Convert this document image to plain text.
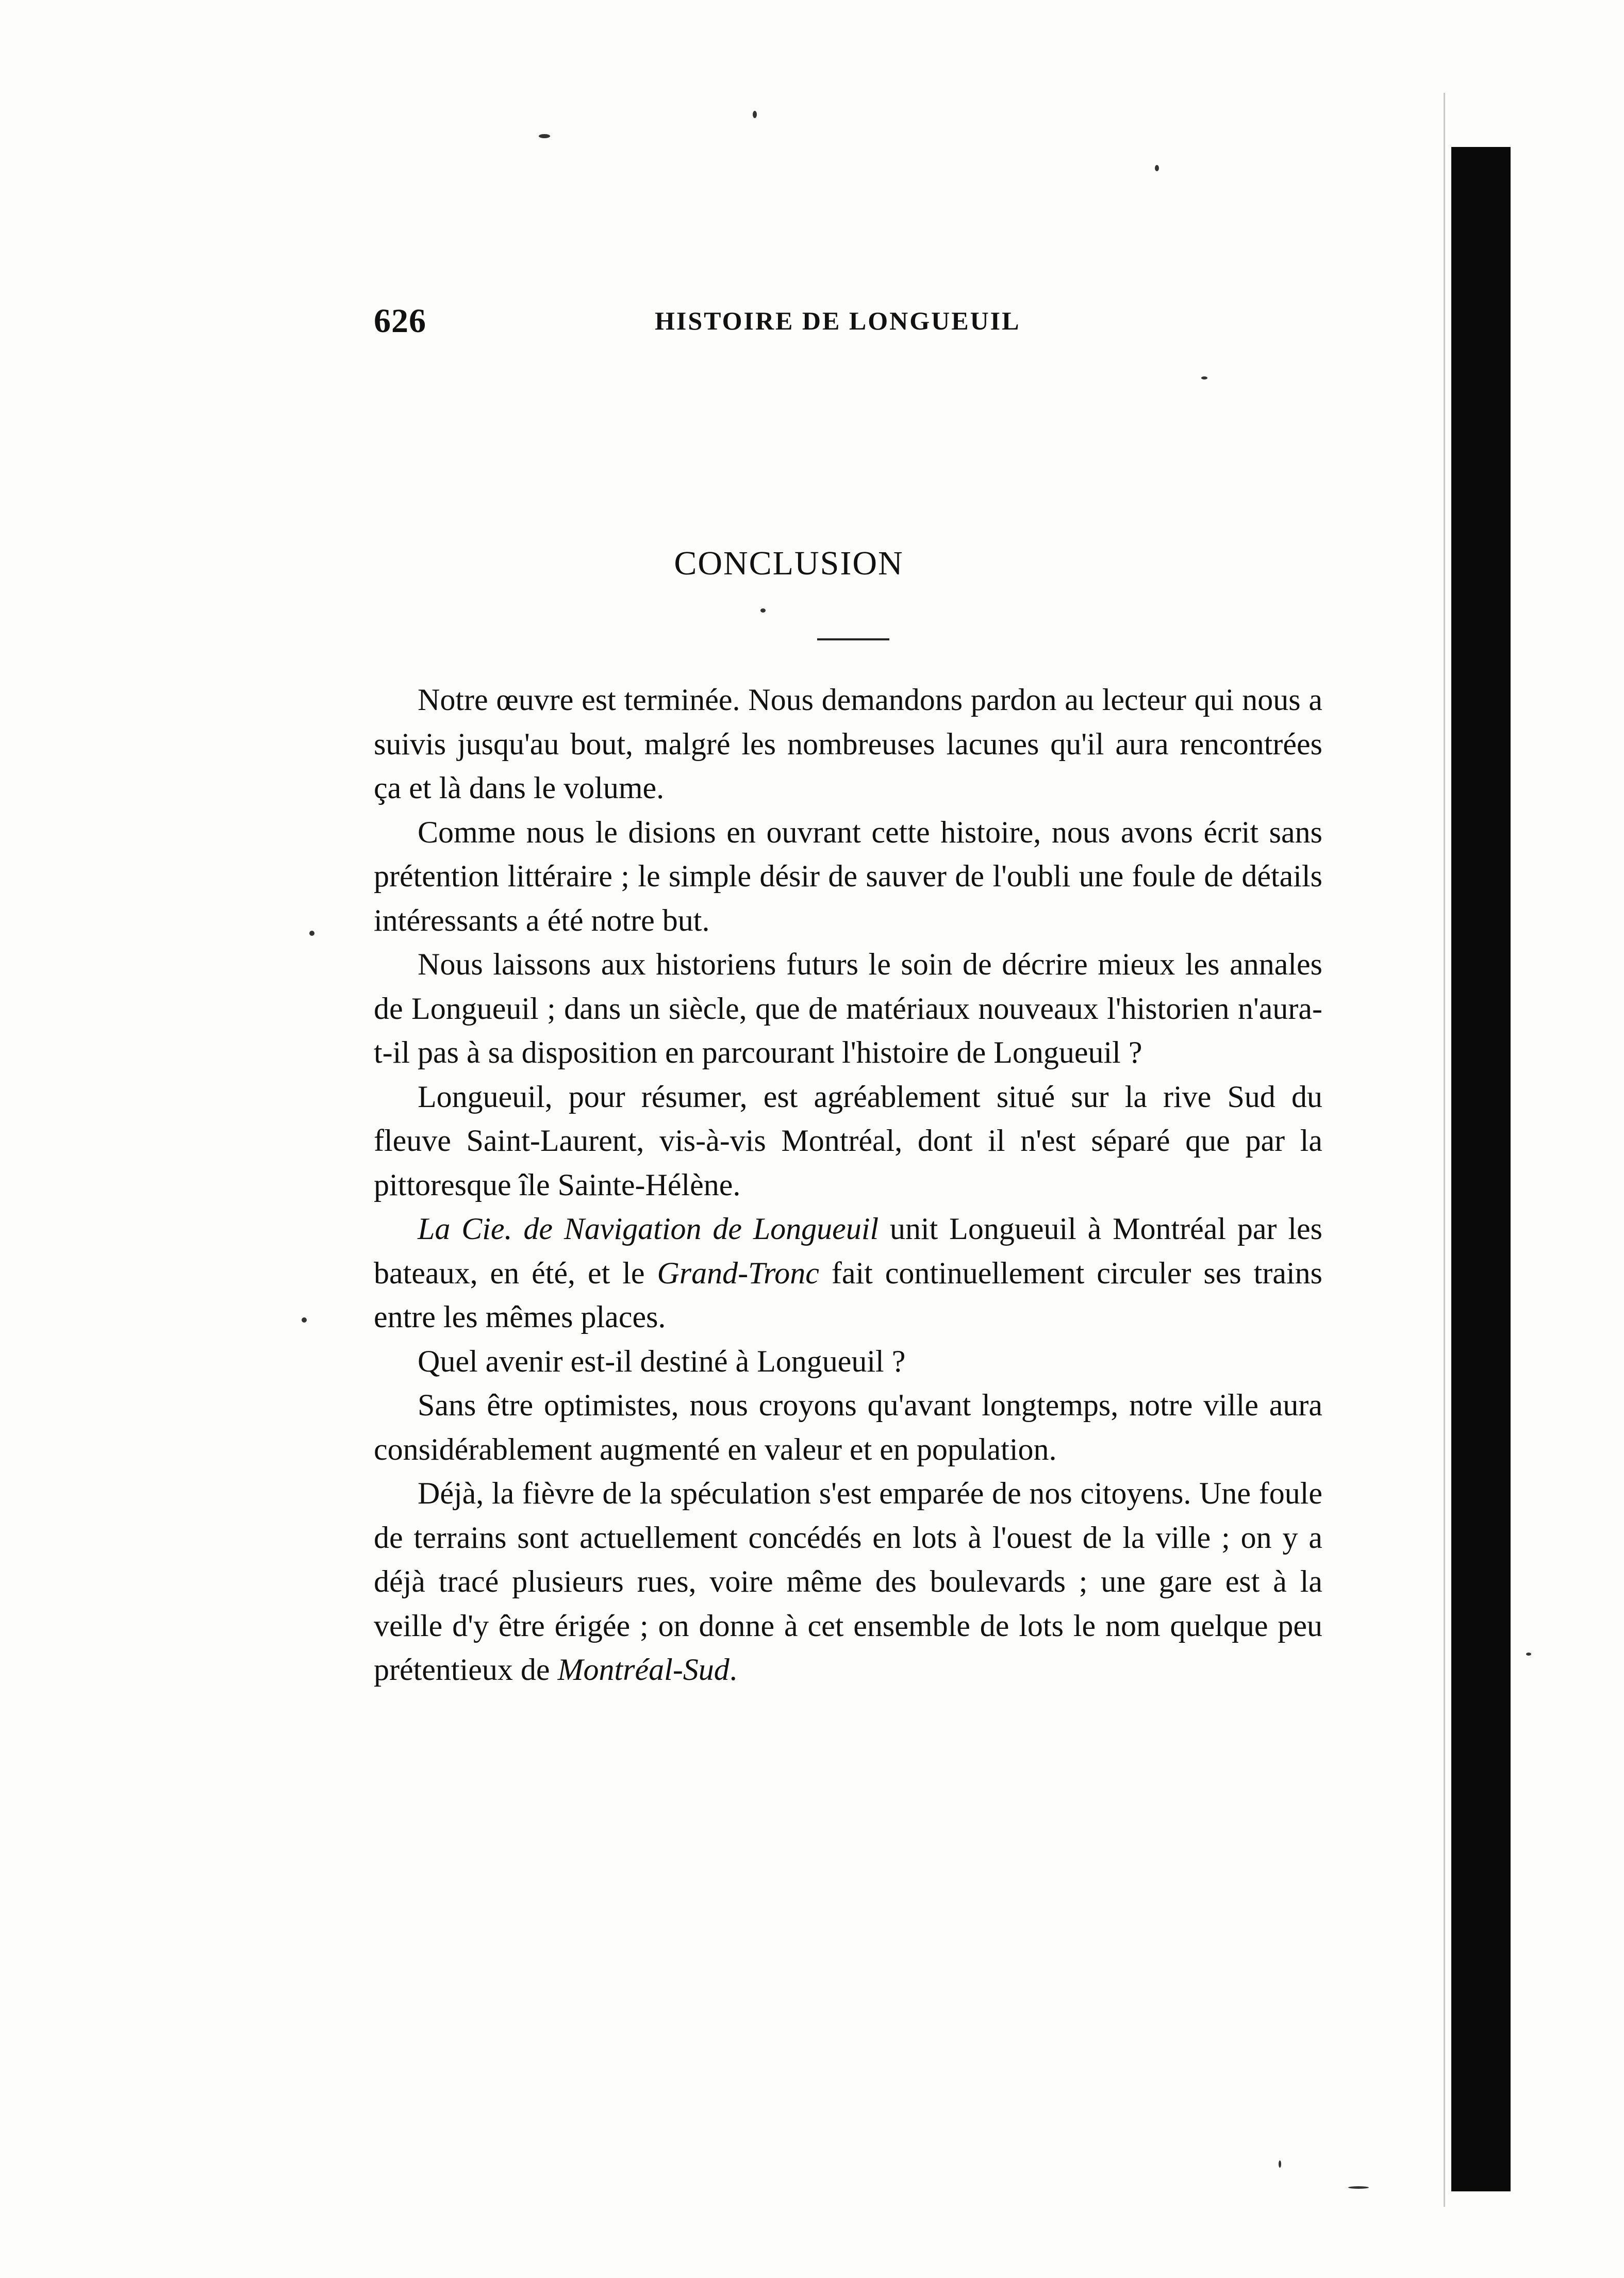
626	HISTOIRE DE LONGUEUIL
CONCLUSION

Notre œuvre est terminée. Nous demandons pardon au lecteur qui nous a suivis jusqu'au bout, malgré les nombreuses lacunes qu'il aura rencontrées ça et là dans le volume.

Comme nous le disions en ouvrant cette histoire, nous avons écrit sans prétention littéraire ; le simple désir de sauver de l'oubli une foule de détails intéressants a été notre but.

Nous laissons aux historiens futurs le soin de décrire mieux les annales de Longueuil ; dans un siècle, que de matériaux nouveaux l'historien n'aura-t-il pas à sa disposition en parcourant l'histoire de Longueuil ?

Longueuil, pour résumer, est agréablement situé sur la rive Sud du fleuve Saint-Laurent, vis-à-vis Montréal, dont il n'est séparé que par la pittoresque île Sainte-Hélène.

La Cie. de Navigation de Longueuil unit Longueuil à Montréal par les bateaux, en été, et le Grand-Tronc fait continuellement circuler ses trains entre les mêmes places.

Quel avenir est-il destiné à Longueuil ?

Sans être optimistes, nous croyons qu'avant longtemps, notre ville aura considérablement augmenté en valeur et en population.

Déjà, la fièvre de la spéculation s'est emparée de nos citoyens. Une foule de terrains sont actuellement concédés en lots à l'ouest de la ville ; on y a déjà tracé plusieurs rues, voire même des boulevards ; une gare est à la veille d'y être érigée ; on donne à cet ensemble de lots le nom quelque peu prétentieux de Montréal-Sud.
